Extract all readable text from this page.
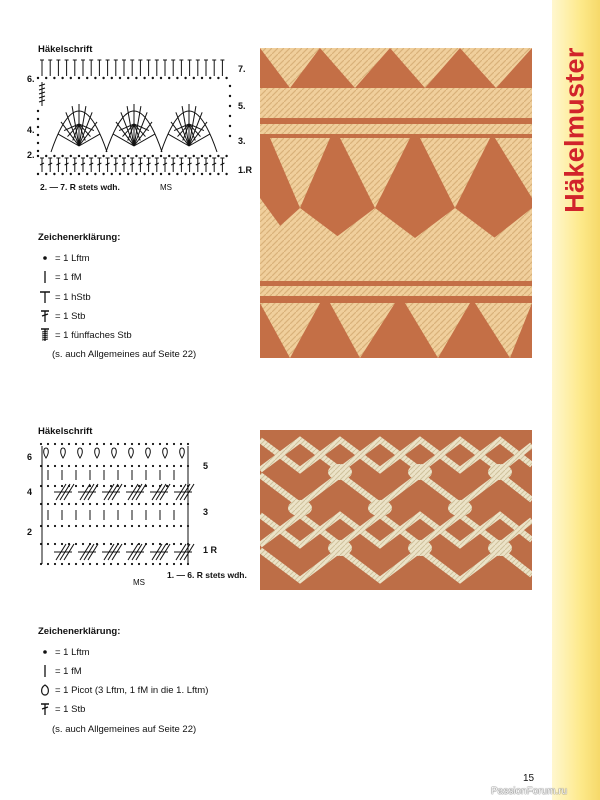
Häkelmuster
Häkelschrift
6.
4.
2.
7.
5.
3.
1.R
2. — 7. R stets wdh.	MS
Zeichenerklärung:
= 1 Lftm
= 1 fM
= 1 hStb
= 1 Stb
= 1 fünffaches Stb
(s. auch Allgemeines auf Seite 22)
Häkelschrift
6
4
2
5
3
1 R
MS
1. — 6. R stets wdh.
Zeichenerklärung:
= 1 Lftm
= 1 fM
= 1 Picot (3 Lftm, 1 fM in die 1. Lftm)
= 1 Stb
(s. auch Allgemeines auf Seite 22)
15
PassionForum.ru
